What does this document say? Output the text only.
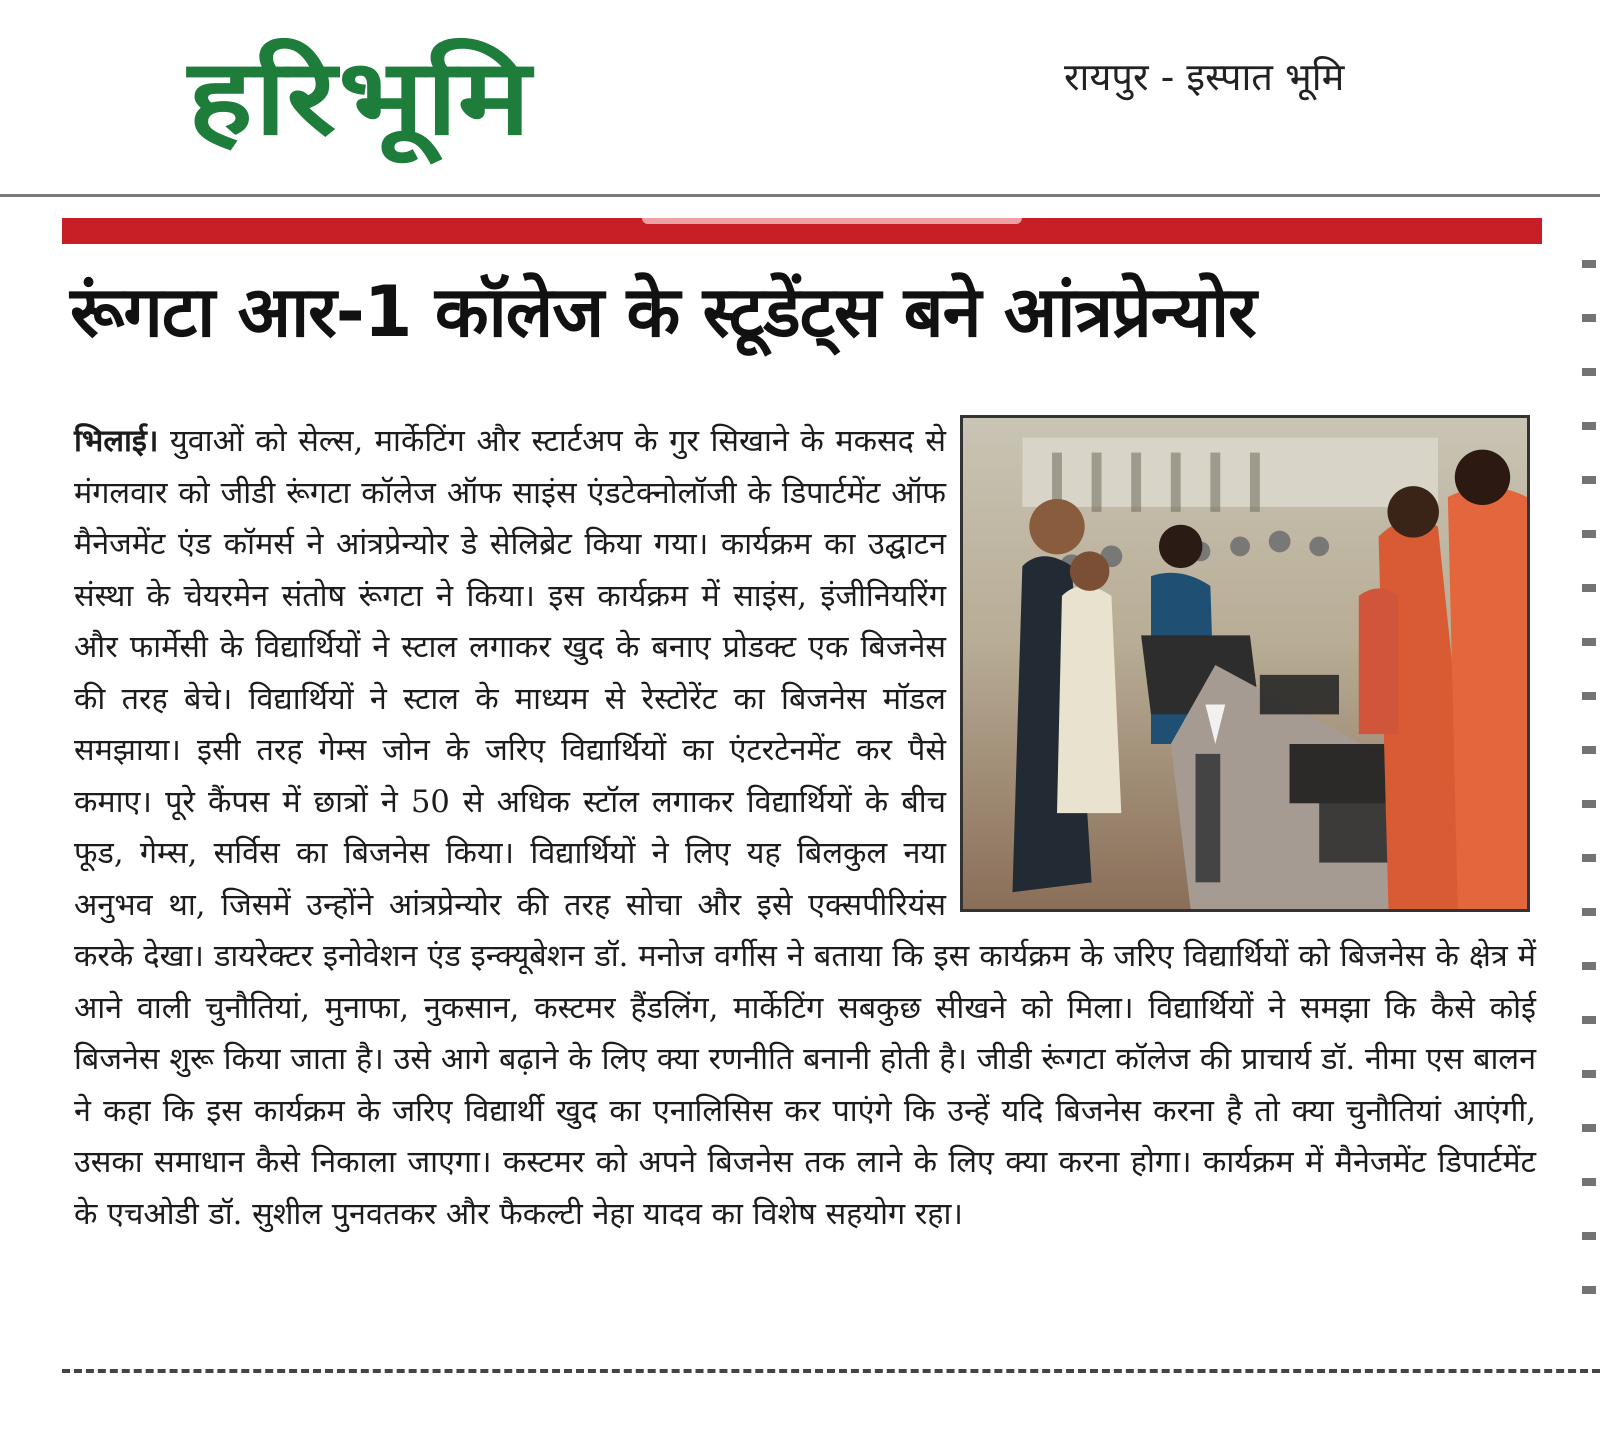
हरिभूमि	रायपुर - इस्पात भूमि
रूंगटा आर-1 कॉलेज के स्टूडेंट्स बने आंत्रप्रेन्योर
भिलाई। युवाओं को सेल्स, मार्केटिंग और स्टार्टअप के गुर सिखाने के मकसद से मंगलवार को जीडी रूंगटा कॉलेज ऑफ साइंस एंडटेक्नोलॉजी के डिपार्टमेंट ऑफ मैनेजमेंट एंड कॉमर्स ने आंत्रप्रेन्योर डे सेलिब्रेट किया गया। कार्यक्रम का उद्घाटन संस्था के चेयरमेन संतोष रूंगटा ने किया। इस कार्यक्रम में साइंस, इंजीनियरिंग और फार्मेसी के विद्यार्थियों ने स्टाल लगाकर खुद के बनाए प्रोडक्ट एक बिजनेस की तरह बेचे। विद्यार्थियों ने स्टाल के माध्यम से रेस्टोरेंट का बिजनेस मॉडल समझाया। इसी तरह गेम्स जोन के जरिए विद्यार्थियों का एंटरटेनमेंट कर पैसे कमाए। पूरे कैंपस में छात्रों ने 50 से अधिक स्टॉल लगाकर विद्यार्थियों के बीच फूड, गेम्स, सर्विस का बिजनेस किया। विद्यार्थियों ने लिए यह बिलकुल नया अनुभव था, जिसमें उन्होंने आंत्रप्रेन्योर की तरह सोचा और इसे एक्सपीरियंस करके देखा। डायरेक्टर इनोवेशन एंड इन्क्यूबेशन डॉ. मनोज वर्गीस ने बताया कि इस कार्यक्रम के जरिए विद्यार्थियों को बिजनेस के क्षेत्र में आने वाली चुनौतियां, मुनाफा, नुकसान, कस्टमर हैंडलिंग, मार्केटिंग सबकुछ सीखने को मिला। विद्यार्थियों ने समझा कि कैसे कोई बिजनेस शुरू किया जाता है। उसे आगे बढ़ाने के लिए क्या रणनीति बनानी होती है। जीडी रूंगटा कॉलेज की प्राचार्य डॉ. नीमा एस बालन ने कहा कि इस कार्यक्रम के जरिए विद्यार्थी खुद का एनालिसिस कर पाएंगे कि उन्हें यदि बिजनेस करना है तो क्या चुनौतियां आएंगी, उसका समाधान कैसे निकाला जाएगा। कस्टमर को अपने बिजनेस तक लाने के लिए क्या करना होगा। कार्यक्रम में मैनेजमेंट डिपार्टमेंट के एचओडी डॉ. सुशील पुनवतकर और फैकल्टी नेहा यादव का विशेष सहयोग रहा।
